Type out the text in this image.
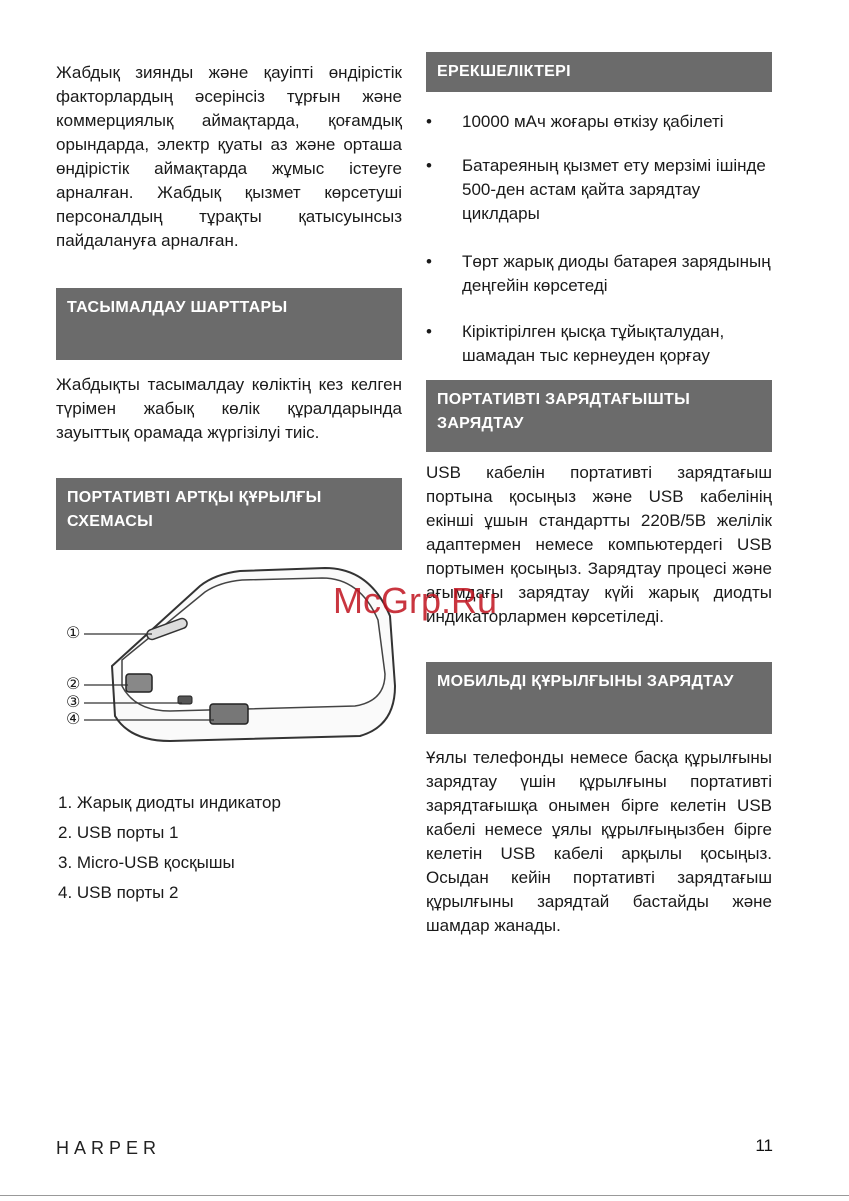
Жабдық зиянды және қауіпті өндірістік факторлардың әсерінсіз тұрғын және коммерциялық аймақтарда, қоғамдық орындарда, электр қуаты аз және орташа өндірістік аймақтарда жұмыс істеуге арналған. Жабдық қызмет көрсетуші персоналдың тұрақты қатысуынсыз пайдалануға арналған.

ТАСЫМАЛДАУ ШАРТТАРЫ

Жабдықты тасымалдау көліктің кез келген түрімен жабық көлік құралдарында зауыттық орамада жүргізілуі тиіс.

ПОРТАТИВТІ АРТҚЫ ҚҰРЫЛҒЫ СХЕМАСЫ
①
②
③
④
1. Жарық диодты индикатор
2. USB порты 1
3. Micro-USB қосқышы
4. USB порты 2
ЕРЕКШЕЛІКТЕРІ
• 10000 мАч жоғары өткізу қабілеті
• Батареяның қызмет ету мерзімі ішінде 500-ден астам қайта зарядтау циклдары
• Төрт жарық диоды батарея зарядының деңгейін көрсетеді
• Кірiктiрiлген қысқа тұйықталудан, шамадан тыс кернеуден қорғау
ПОРТАТИВТІ ЗАРЯДТАҒЫШТЫ ЗАРЯДТАУ

USB кабелін портативті зарядтағыш портына қосыңыз және USB кабелінің екінші ұшын стандартты 220В/5В желілік адаптермен немесе компьютердегі USB портымен қосыңыз. Зарядтау процесі және ағымдағы зарядтау күйі жарық диодты индикаторлармен көрсетіледі.

МОБИЛЬДІ ҚҰРЫЛҒЫНЫ ЗАРЯДТАУ

Ұялы телефонды немесе басқа құрылғыны зарядтау үшін құрылғыны портативті зарядтағышқа онымен бірге келетін USB кабелі немесе ұялы құрылғыңызбен бірге келетін USB кабелі арқылы қосыңыз. Осыдан кейін портативті зарядтағыш құрылғыны зарядтай бастайды және шамдар жанады.

McGrp.Ru
HARPER	11
